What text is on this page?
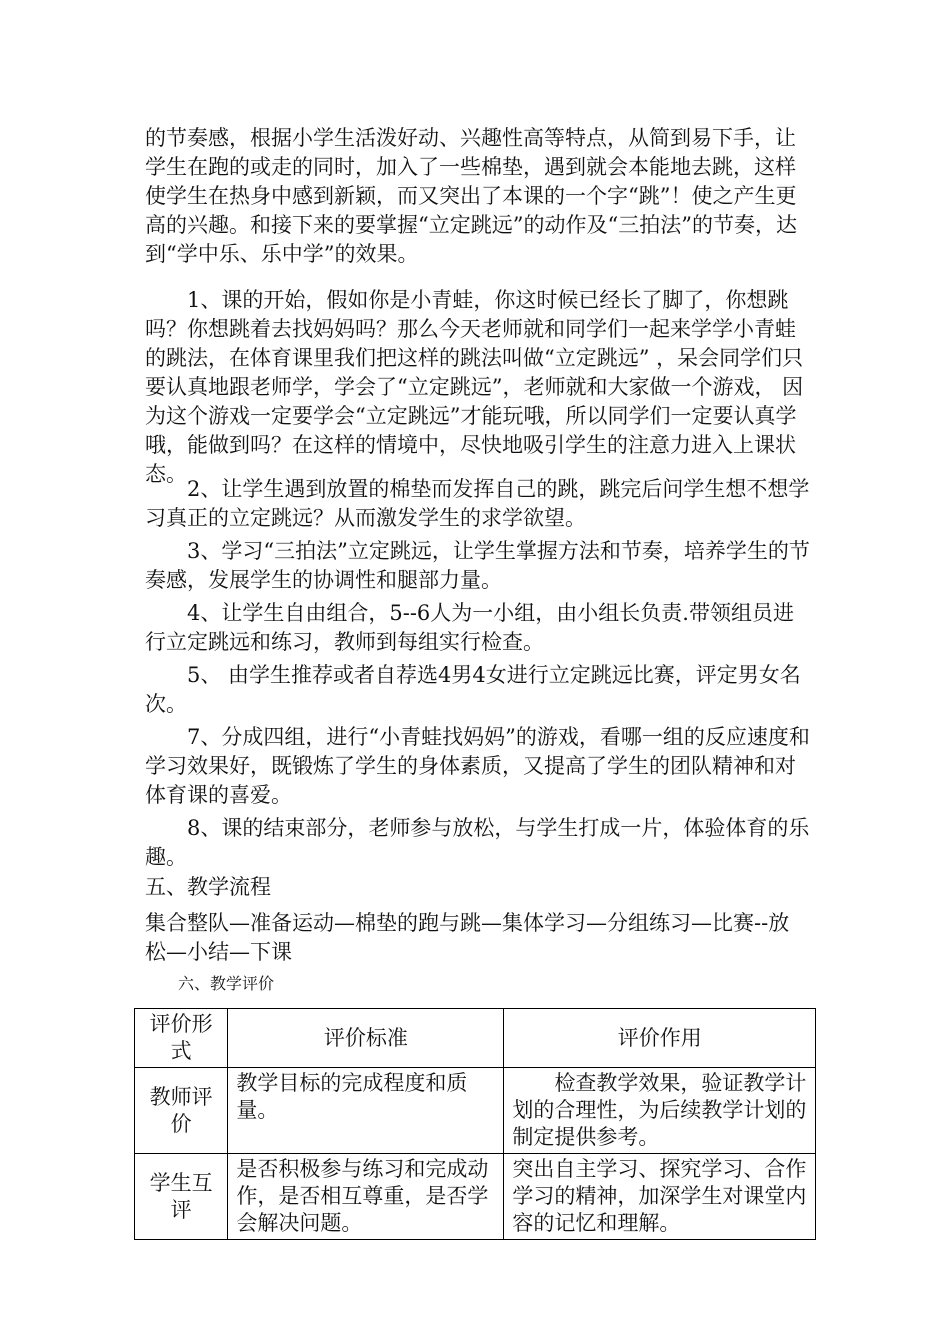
的节奏感，根据小学生活泼好动、兴趣性高等特点，从简到易下手，让学生在跑的或走的同时，加入了一些棉垫，遇到就会本能地去跳，这样使学生在热身中感到新颖，而又突出了本课的一个字“跳”！使之产生更高的兴趣。和接下来的要掌握“立定跳远”的动作及“三拍法”的节奏，达到“学中乐、乐中学”的效果。

1、课的开始，假如你是小青蛙，你这时候已经长了脚了，你想跳吗？你想跳着去找妈妈吗？那么今天老师就和同学们一起来学学小青蛙的跳法，在体育课里我们把这样的跳法叫做“立定跳远” ，呆会同学们只要认真地跟老师学，学会了“立定跳远”，老师就和大家做一个游戏， 因为这个游戏一定要学会“立定跳远”才能玩哦，所以同学们一定要认真学哦，能做到吗？在这样的情境中，尽快地吸引学生的注意力进入上课状态。

2、让学生遇到放置的棉垫而发挥自己的跳，跳完后问学生想不想学习真正的立定跳远？从而激发学生的求学欲望。

3、学习“三拍法”立定跳远，让学生掌握方法和节奏，培养学生的节奏感，发展学生的协调性和腿部力量。

4、让学生自由组合，5--6人为一小组，由小组长负责.带领组员进行立定跳远和练习，教师到每组实行检查。

5、 由学生推荐或者自荐选4男4女进行立定跳远比赛，评定男女名次。

7、分成四组，进行“小青蛙找妈妈”的游戏，看哪一组的反应速度和学习效果好，既锻炼了学生的身体素质，又提高了学生的团队精神和对体育课的喜爱。

8、课的结束部分，老师参与放松，与学生打成一片，体验体育的乐趣。

五、教学流程

集合整队—准备运动—棉垫的跑与跳—集体学习—分组练习—比赛--放松—小结—下课

六、教学评价
评价形式	评价标准	评价作用
教师评价	教学目标的完成程度和质量。	检查教学效果，验证教学计划的合理性，为后续教学计划的制定提供参考。
学生互评	是否积极参与练习和完成动作，是否相互尊重，是否学会解决问题。	突出自主学习、探究学习、合作学习的精神，加深学生对课堂内容的记忆和理解。
